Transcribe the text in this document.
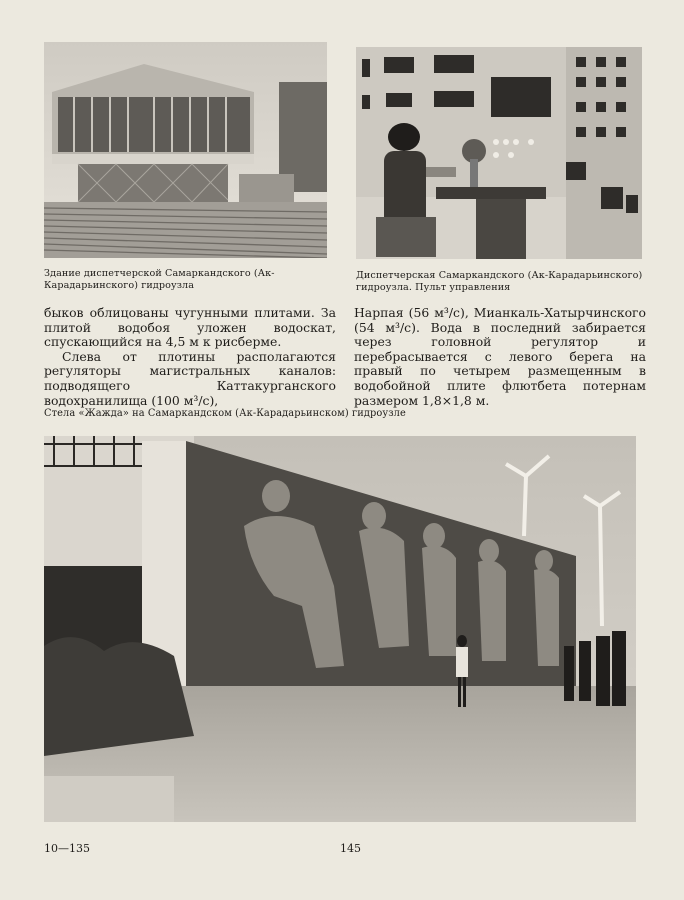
Здание диспетчерской Самаркандского (Ак-Карадарьинского) гидроузла
Диспетчерская Самаркандского (Ак-Карадарьинского) гидроузла. Пульт управления

быков облицованы чугунными плитами. За плитой водобоя уложен водоскат, спускающийся на 4,5 м к рисберме.

Слева от плотины располагаются регуляторы магистральных каналов: подводящего Каттакурганского водохранилища (100 м³/с),

Нарпая (56 м³/с), Мианкаль-Хатырчинского (54 м³/с). Вода в последний забирается через головной регулятор и перебрасывается с левого берега на правый по четырем размещенным в водобойной плите флютбета потернам размером 1,8×1,8 м.

Стела «Жажда» на Самаркандском (Ак-Карадарьинском) гидроузле
10—135	145
